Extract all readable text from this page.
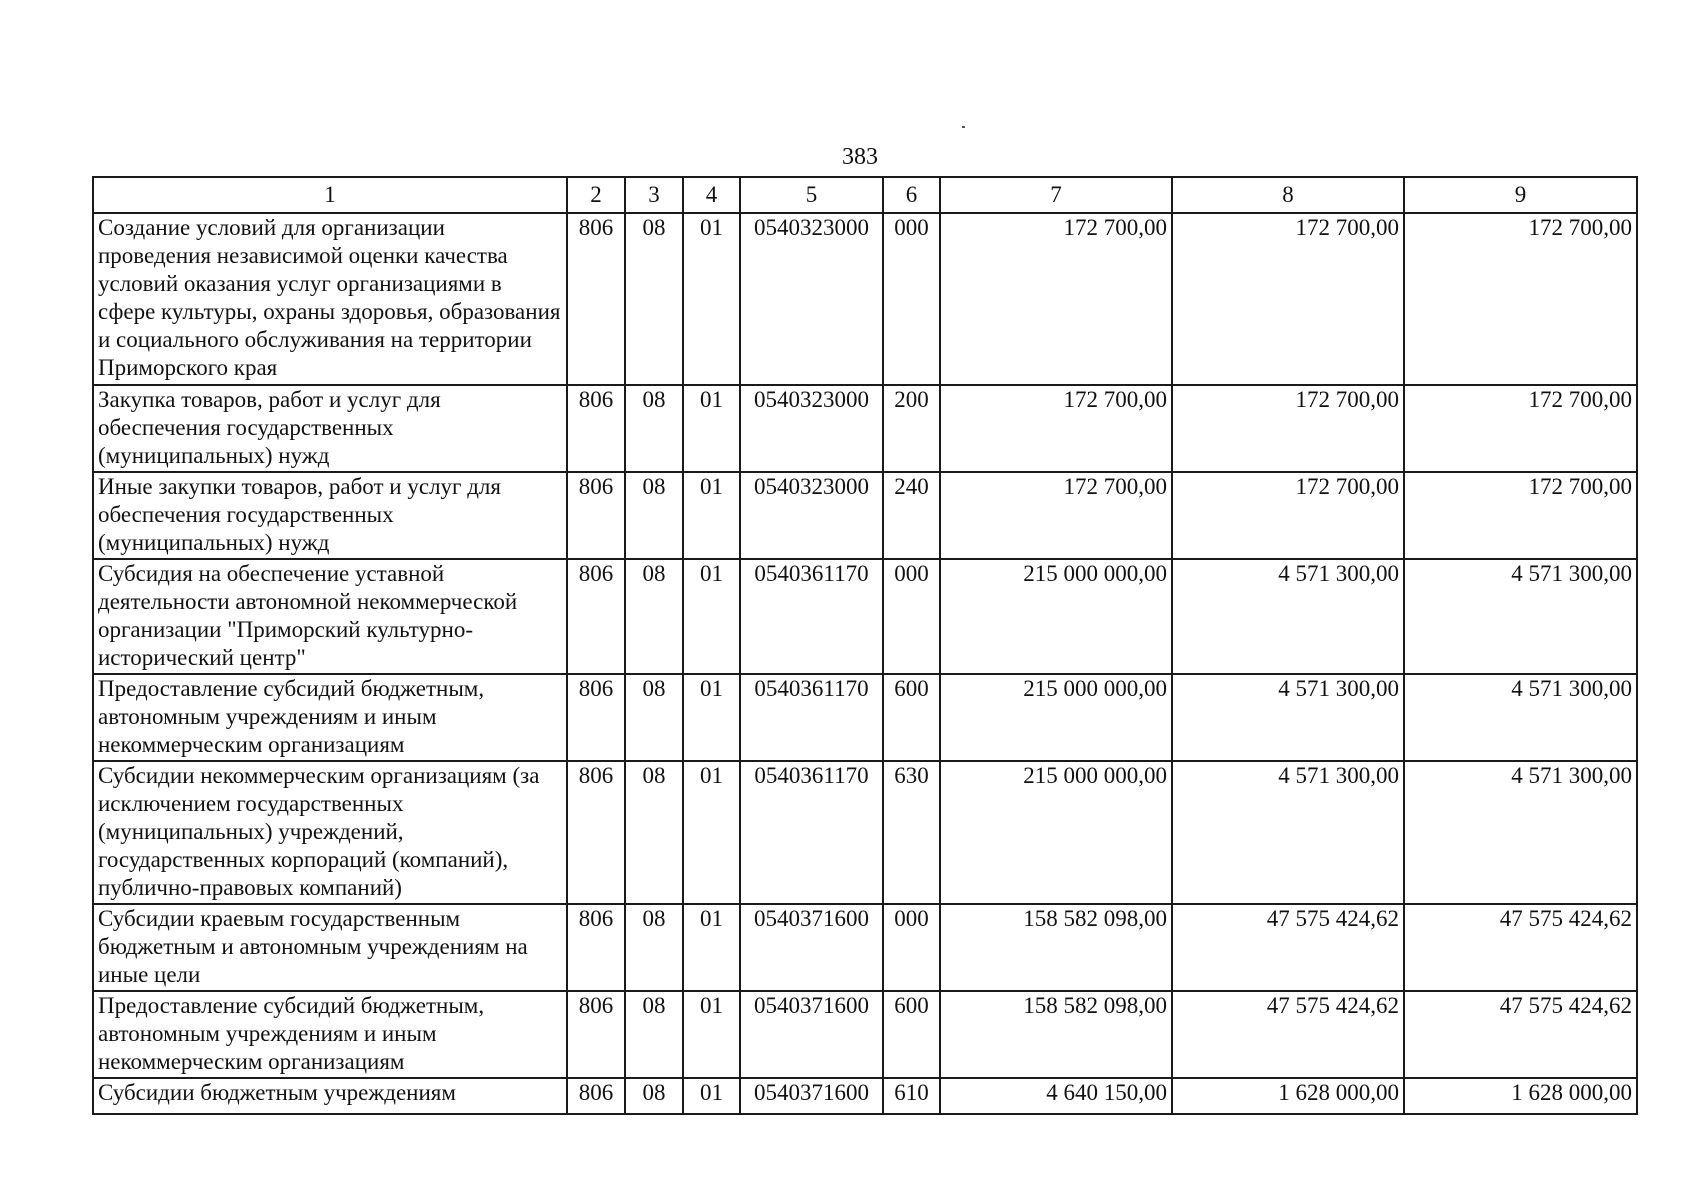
383
1	2	3	4	5	6	7	8	9
Создание условий для организации проведения независимой оценки качества условий оказания услуг организациями в сфере культуры, охраны здоровья, образования и социального обслуживания на территории Приморского края	806	08	01	0540323000	000	172 700,00	172 700,00	172 700,00
Закупка товаров, работ и услуг для обеспечения государственных (муниципальных) нужд	806	08	01	0540323000	200	172 700,00	172 700,00	172 700,00
Иные закупки товаров, работ и услуг для обеспечения государственных (муниципальных) нужд	806	08	01	0540323000	240	172 700,00	172 700,00	172 700,00
Субсидия на обеспечение уставной деятельности автономной некоммерческой организации "Приморский культурно-исторический центр"	806	08	01	0540361170	000	215 000 000,00	4 571 300,00	4 571 300,00
Предоставление субсидий бюджетным, автономным учреждениям и иным некоммерческим организациям	806	08	01	0540361170	600	215 000 000,00	4 571 300,00	4 571 300,00
Субсидии некоммерческим организациям (за исключением государственных (муниципальных) учреждений, государственных корпораций (компаний), публично-правовых компаний)	806	08	01	0540361170	630	215 000 000,00	4 571 300,00	4 571 300,00
Субсидии краевым государственным бюджетным и автономным учреждениям на иные цели	806	08	01	0540371600	000	158 582 098,00	47 575 424,62	47 575 424,62
Предоставление субсидий бюджетным, автономным учреждениям и иным некоммерческим организациям	806	08	01	0540371600	600	158 582 098,00	47 575 424,62	47 575 424,62
Субсидии бюджетным учреждениям	806	08	01	0540371600	610	4 640 150,00	1 628 000,00	1 628 000,00
